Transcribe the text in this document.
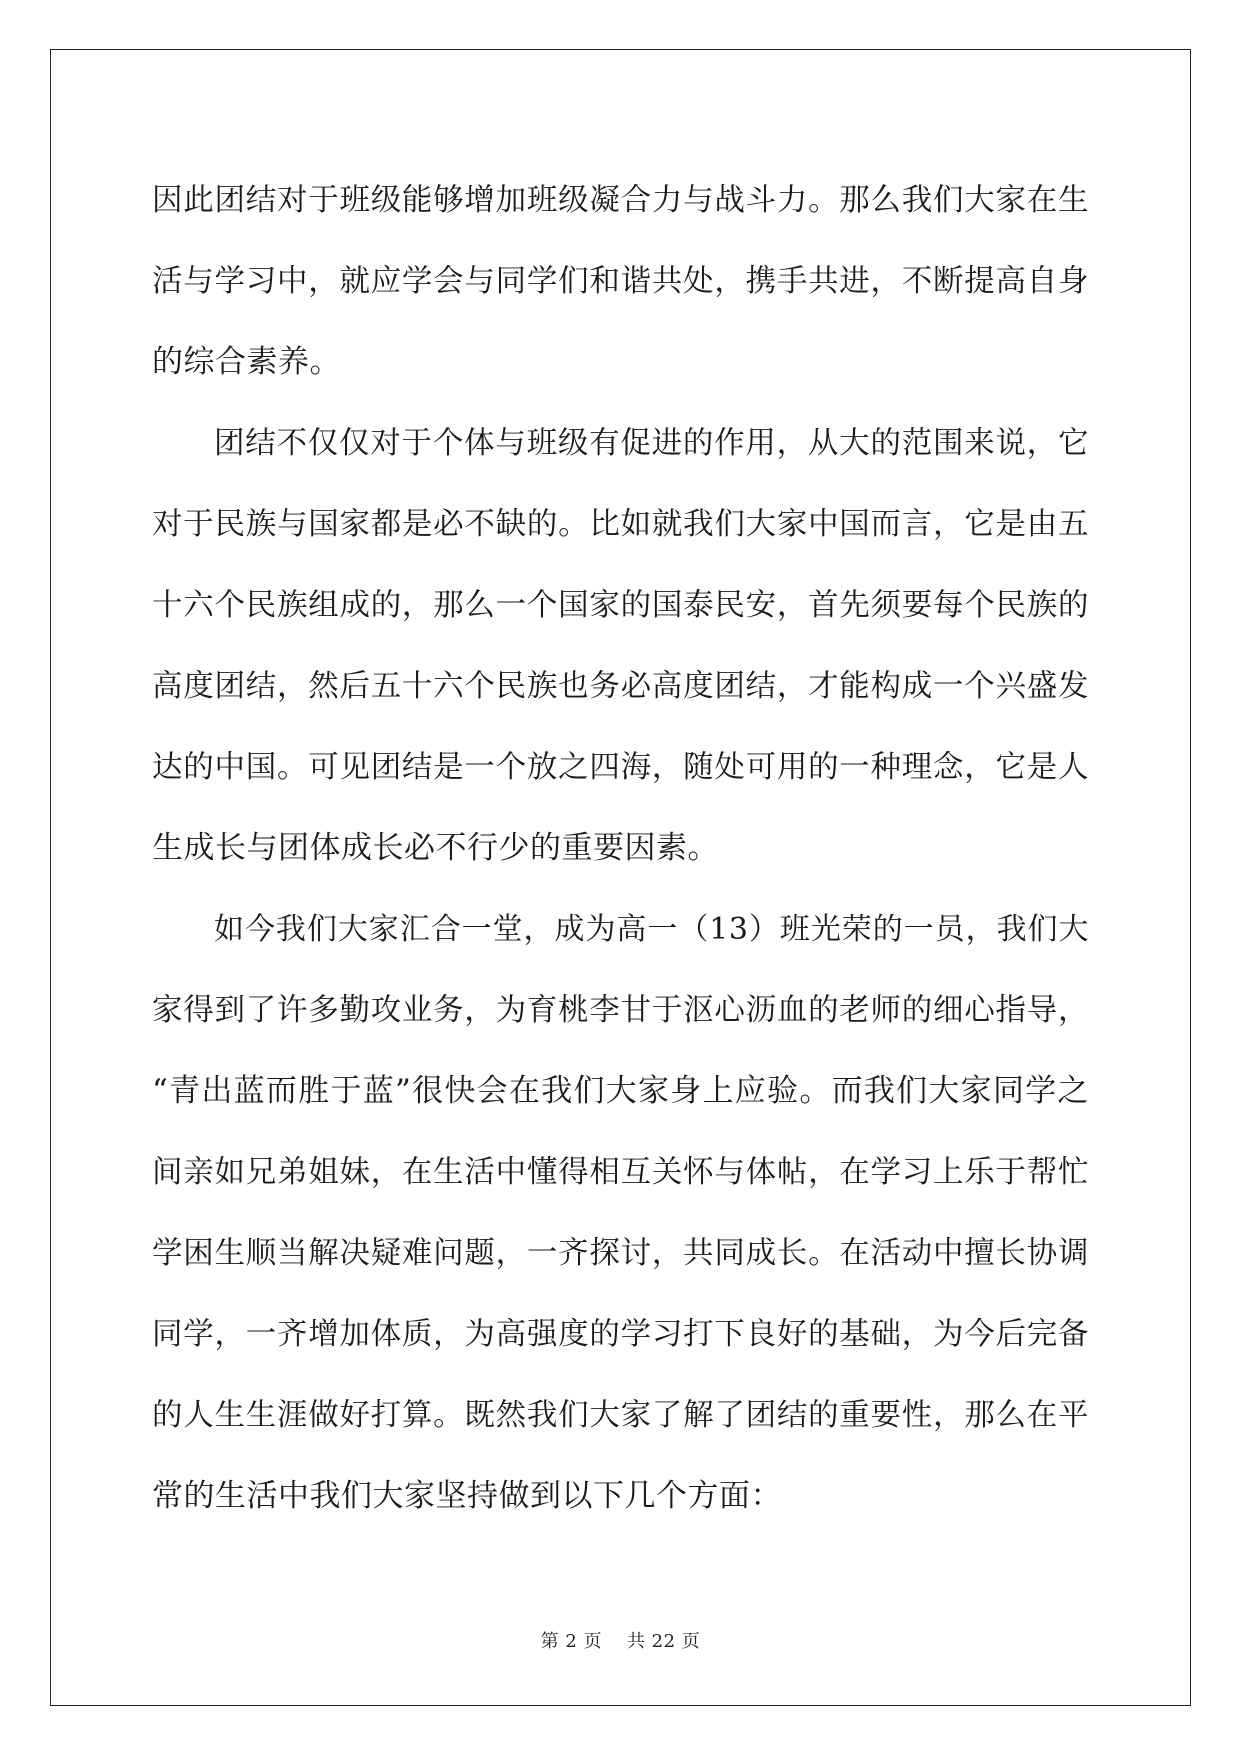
因此团结对于班级能够增加班级凝合力与战斗力。那么我们大家在生
活与学习中，就应学会与同学们和谐共处，携手共进，不断提高自身
的综合素养。
团结不仅仅对于个体与班级有促进的作用，从大的范围来说，它
对于民族与国家都是必不缺的。比如就我们大家中国而言，它是由五
十六个民族组成的，那么一个国家的国泰民安，首先须要每个民族的
高度团结，然后五十六个民族也务必高度团结，才能构成一个兴盛发
达的中国。可见团结是一个放之四海，随处可用的一种理念，它是人
生成长与团体成长必不行少的重要因素。
如今我们大家汇合一堂，成为高一（13）班光荣的一员，我们大
家得到了许多勤攻业务，为育桃李甘于沤心沥血的老师的细心指导，
“青出蓝而胜于蓝”很快会在我们大家身上应验。而我们大家同学之
间亲如兄弟姐妹，在生活中懂得相互关怀与体帖，在学习上乐于帮忙
学困生顺当解决疑难问题，一齐探讨，共同成长。在活动中擅长协调
同学，一齐增加体质，为高强度的学习打下良好的基础，为今后完备
的人生生涯做好打算。既然我们大家了解了团结的重要性，那么在平
常的生活中我们大家坚持做到以下几个方面：
第 2 页    共 22 页
